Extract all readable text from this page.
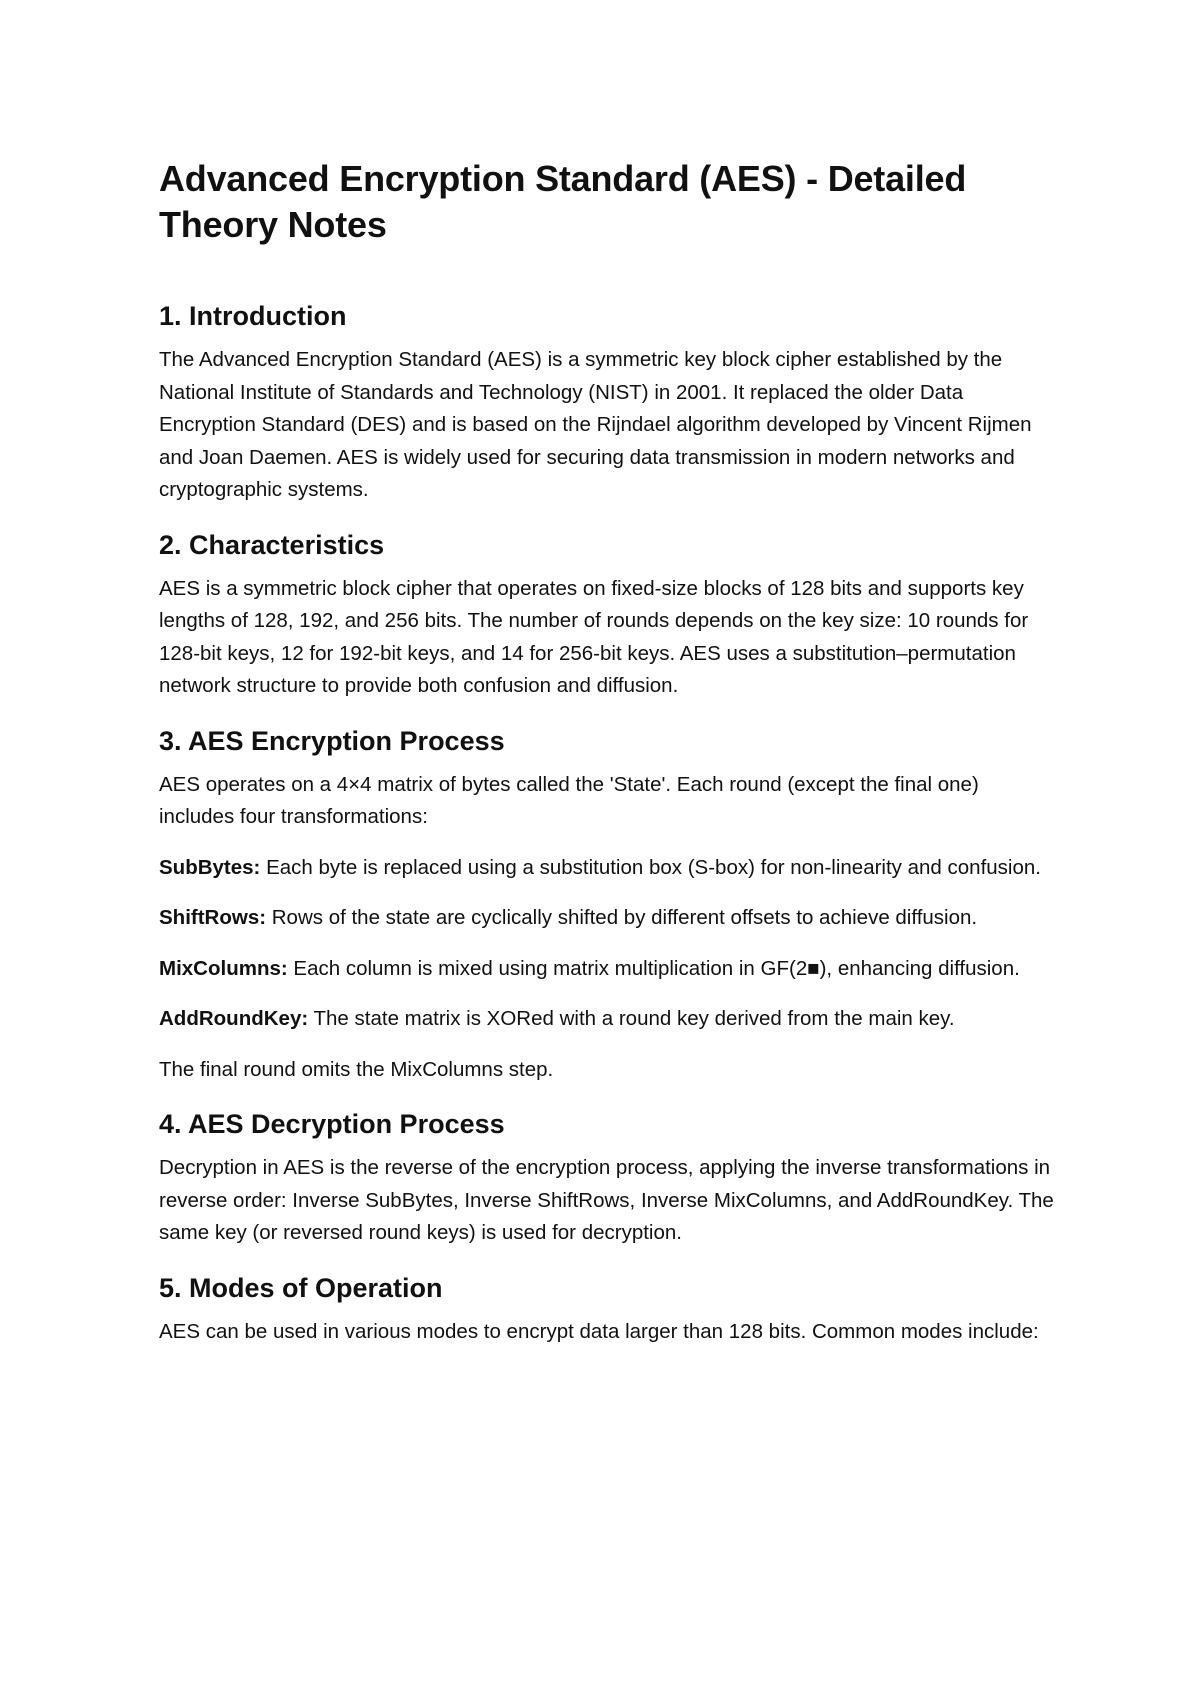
Advanced Encryption Standard (AES) - Detailed Theory Notes
1. Introduction

The Advanced Encryption Standard (AES) is a symmetric key block cipher established by the National Institute of Standards and Technology (NIST) in 2001. It replaced the older Data Encryption Standard (DES) and is based on the Rijndael algorithm developed by Vincent Rijmen and Joan Daemen. AES is widely used for securing data transmission in modern networks and cryptographic systems.

2. Characteristics

AES is a symmetric block cipher that operates on fixed-size blocks of 128 bits and supports key lengths of 128, 192, and 256 bits. The number of rounds depends on the key size: 10 rounds for 128-bit keys, 12 for 192-bit keys, and 14 for 256-bit keys. AES uses a substitution–permutation network structure to provide both confusion and diffusion.

3. AES Encryption Process

AES operates on a 4×4 matrix of bytes called the 'State'. Each round (except the final one) includes four transformations:

SubBytes: Each byte is replaced using a substitution box (S-box) for non-linearity and confusion.

ShiftRows: Rows of the state are cyclically shifted by different offsets to achieve diffusion.

MixColumns: Each column is mixed using matrix multiplication in GF(2■), enhancing diffusion.

AddRoundKey: The state matrix is XORed with a round key derived from the main key.

The final round omits the MixColumns step.

4. AES Decryption Process

Decryption in AES is the reverse of the encryption process, applying the inverse transformations in reverse order: Inverse SubBytes, Inverse ShiftRows, Inverse MixColumns, and AddRoundKey. The same key (or reversed round keys) is used for decryption.

5. Modes of Operation

AES can be used in various modes to encrypt data larger than 128 bits. Common modes include:
